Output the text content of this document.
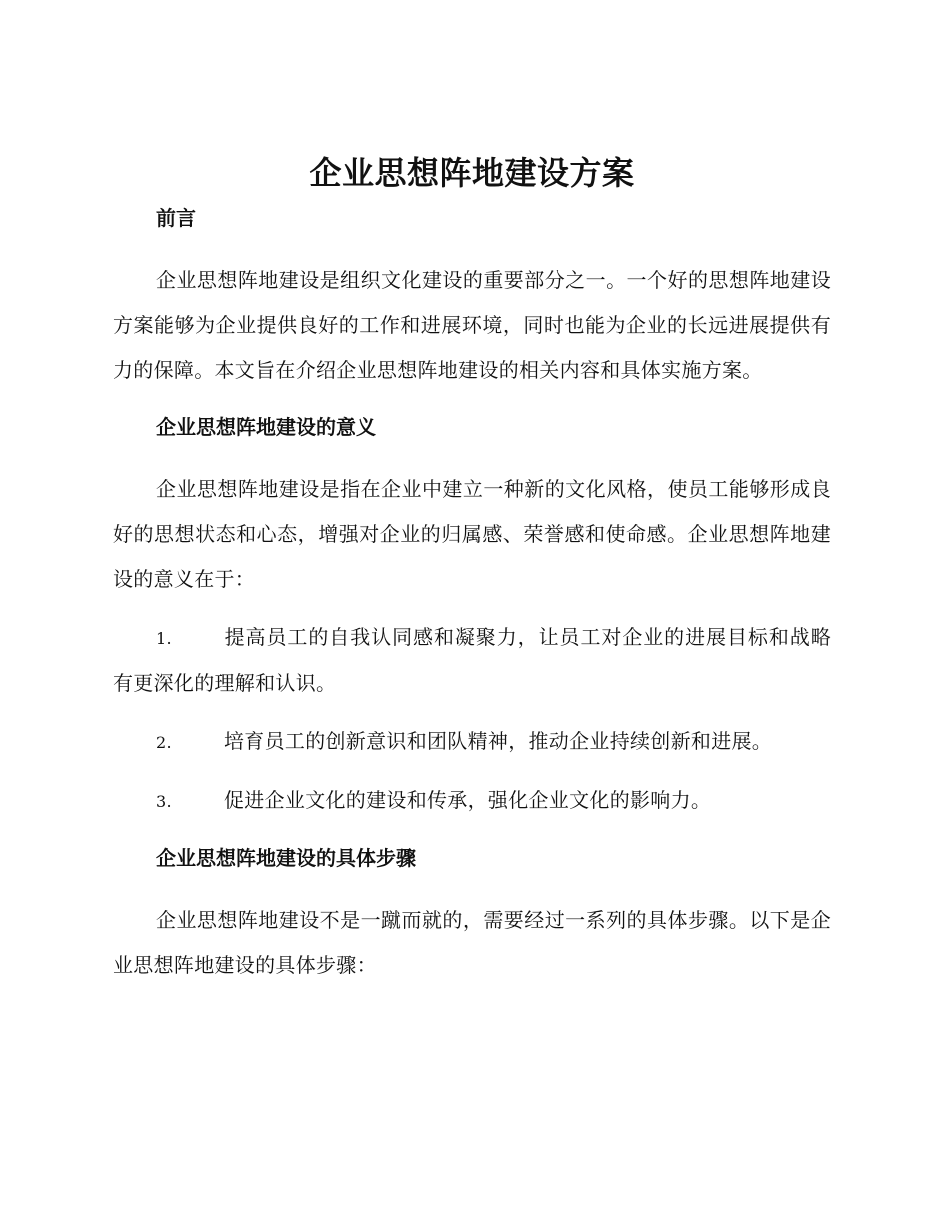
企业思想阵地建设方案
前言

企业思想阵地建设是组织文化建设的重要部分之一。一个好的思想阵地建设方案能够为企业提供良好的工作和进展环境，同时也能为企业的长远进展提供有力的保障。本文旨在介绍企业思想阵地建设的相关内容和具体实施方案。

企业思想阵地建设的意义

企业思想阵地建设是指在企业中建立一种新的文化风格，使员工能够形成良好的思想状态和心态，增强对企业的归属感、荣誉感和使命感。企业思想阵地建设的意义在于：

1.	提高员工的自我认同感和凝聚力，让员工对企业的进展目标和战略有更深化的理解和认识。

2.	培育员工的创新意识和团队精神，推动企业持续创新和进展。

3.	促进企业文化的建设和传承，强化企业文化的影响力。

企业思想阵地建设的具体步骤

企业思想阵地建设不是一蹴而就的，需要经过一系列的具体步骤。以下是企业思想阵地建设的具体步骤：
